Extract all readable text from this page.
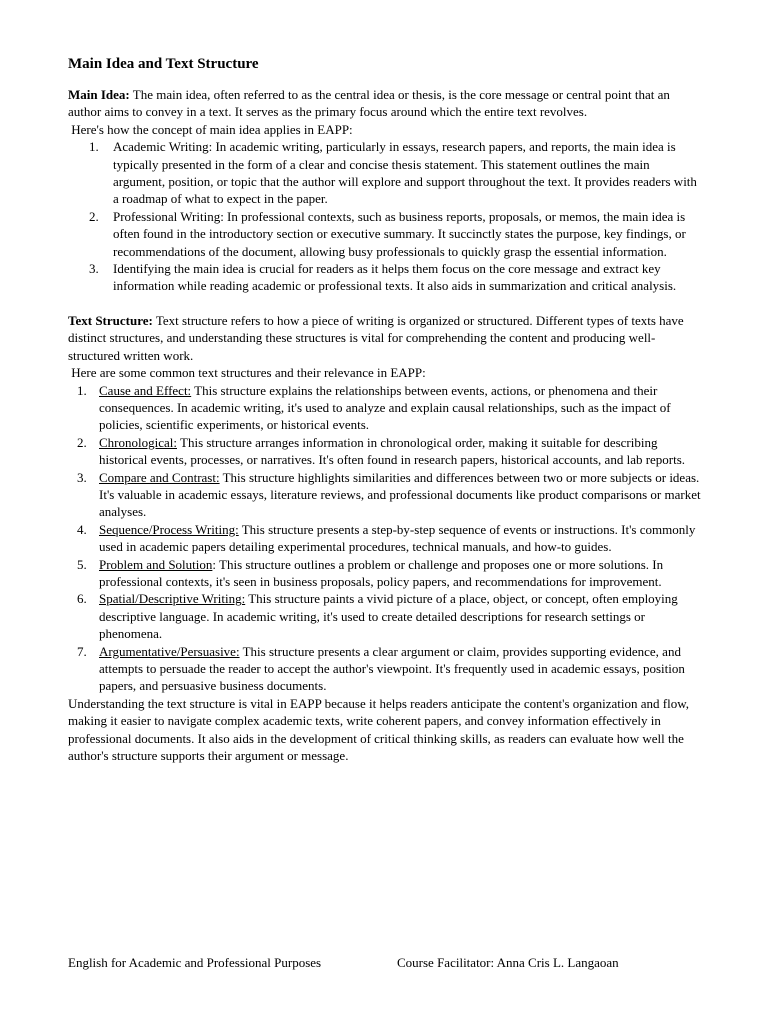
Main Idea and Text Structure

Main Idea: The main idea, often referred to as the central idea or thesis, is the core message or central point that an author aims to convey in a text. It serves as the primary focus around which the entire text revolves.

Here's how the concept of main idea applies in EAPP:

1. Academic Writing: In academic writing, particularly in essays, research papers, and reports, the main idea is typically presented in the form of a clear and concise thesis statement. This statement outlines the main argument, position, or topic that the author will explore and support throughout the text. It provides readers with a roadmap of what to expect in the paper.
2. Professional Writing: In professional contexts, such as business reports, proposals, or memos, the main idea is often found in the introductory section or executive summary. It succinctly states the purpose, key findings, or recommendations of the document, allowing busy professionals to quickly grasp the essential information.
3. Identifying the main idea is crucial for readers as it helps them focus on the core message and extract key information while reading academic or professional texts. It also aids in summarization and critical analysis.

Text Structure: Text structure refers to how a piece of writing is organized or structured. Different types of texts have distinct structures, and understanding these structures is vital for comprehending the content and producing well-structured written work.

Here are some common text structures and their relevance in EAPP:

1. Cause and Effect: This structure explains the relationships between events, actions, or phenomena and their consequences. In academic writing, it's used to analyze and explain causal relationships, such as the impact of policies, scientific experiments, or historical events.
2. Chronological: This structure arranges information in chronological order, making it suitable for describing historical events, processes, or narratives. It's often found in research papers, historical accounts, and lab reports.
3. Compare and Contrast: This structure highlights similarities and differences between two or more subjects or ideas. It's valuable in academic essays, literature reviews, and professional documents like product comparisons or market analyses.
4. Sequence/Process Writing: This structure presents a step-by-step sequence of events or instructions. It's commonly used in academic papers detailing experimental procedures, technical manuals, and how-to guides.
5. Problem and Solution: This structure outlines a problem or challenge and proposes one or more solutions. In professional contexts, it's seen in business proposals, policy papers, and recommendations for improvement.
6. Spatial/Descriptive Writing: This structure paints a vivid picture of a place, object, or concept, often employing descriptive language. In academic writing, it's used to create detailed descriptions for research settings or phenomena.
7. Argumentative/Persuasive: This structure presents a clear argument or claim, provides supporting evidence, and attempts to persuade the reader to accept the author's viewpoint. It's frequently used in academic essays, position papers, and persuasive business documents.

Understanding the text structure is vital in EAPP because it helps readers anticipate the content's organization and flow, making it easier to navigate complex academic texts, write coherent papers, and convey information effectively in professional documents. It also aids in the development of critical thinking skills, as readers can evaluate how well the author's structure supports their argument or message.

English for Academic and Professional Purposes	Course Facilitator: Anna Cris L. Langaoan
